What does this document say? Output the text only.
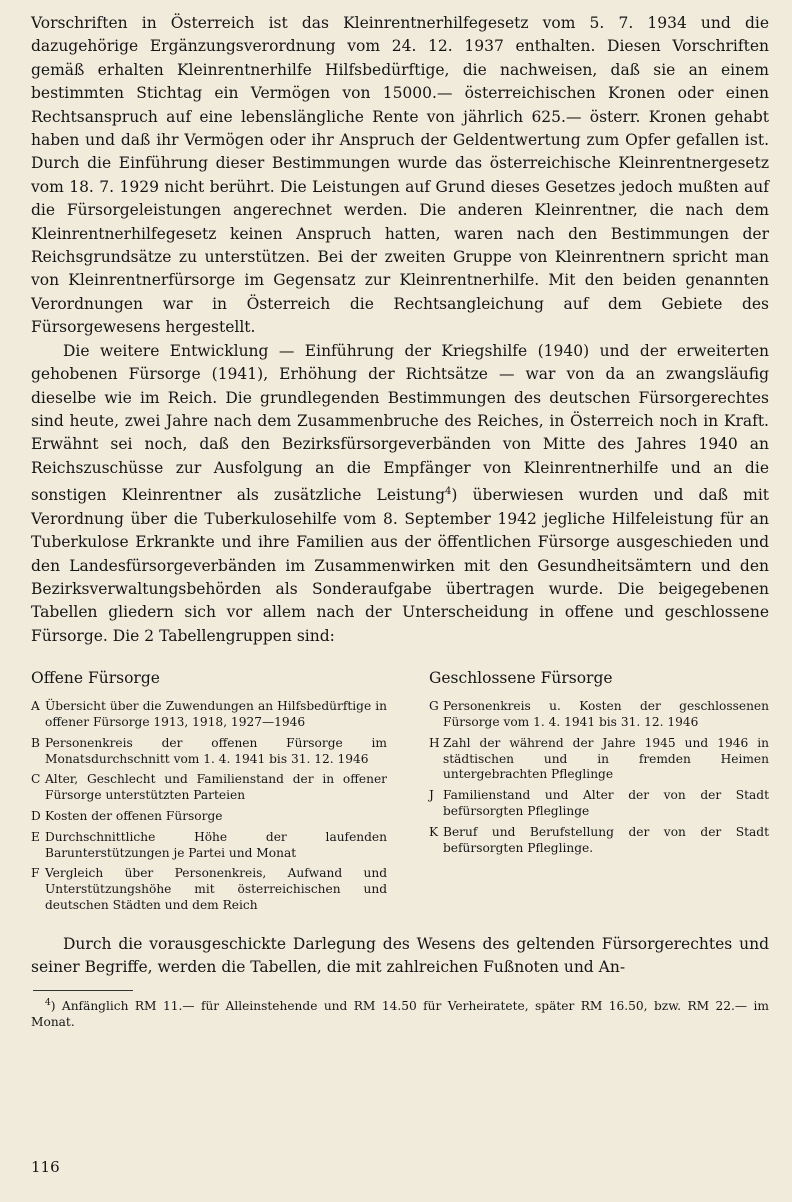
Vorschriften in Österreich ist das Kleinrentnerhilfegesetz vom 5. 7. 1934 und die dazugehörige Ergänzungsverordnung vom 24. 12. 1937 enthalten. Diesen Vorschriften gemäß erhalten Kleinrentnerhilfe Hilfsbedürftige, die nachweisen, daß sie an einem bestimmten Stichtag ein Vermögen von 15000.— österreichischen Kronen oder einen Rechtsanspruch auf eine lebenslängliche Rente von jährlich 625.— österr. Kronen gehabt haben und daß ihr Vermögen oder ihr Anspruch der Geldentwertung zum Opfer gefallen ist. Durch die Einführung dieser Bestimmungen wurde das österreichische Kleinrentnergesetz vom 18. 7. 1929 nicht berührt. Die Leistungen auf Grund dieses Gesetzes jedoch mußten auf die Fürsorgeleistungen angerechnet werden. Die anderen Kleinrentner, die nach dem Kleinrentnerhilfegesetz keinen Anspruch hatten, waren nach den Bestimmungen der Reichsgrundsätze zu unterstützen. Bei der zweiten Gruppe von Kleinrentnern spricht man von Kleinrentnerfürsorge im Gegensatz zur Kleinrentnerhilfe. Mit den beiden genannten Verordnungen war in Österreich die Rechtsangleichung auf dem Gebiete des Fürsorgewesens hergestellt.

Die weitere Entwicklung — Einführung der Kriegshilfe (1940) und der erweiterten gehobenen Fürsorge (1941), Erhöhung der Richtsätze — war von da an zwangsläufig dieselbe wie im Reich. Die grundlegenden Bestimmungen des deutschen Fürsorgerechtes sind heute, zwei Jahre nach dem Zusammenbruche des Reiches, in Österreich noch in Kraft. Erwähnt sei noch, daß den Bezirksfürsorgeverbänden von Mitte des Jahres 1940 an Reichszuschüsse zur Ausfolgung an die Empfänger von Kleinrentnerhilfe und an die sonstigen Kleinrentner als zusätzliche Leistung$^4$) überwiesen wurden und daß mit Verordnung über die Tuberkulosehilfe vom 8. September 1942 jegliche Hilfeleistung für an Tuberkulose Erkrankte und ihre Familien aus der öffentlichen Fürsorge ausgeschieden und den Landesfürsorgeverbänden im Zusammenwirken mit den Gesundheitsämtern und den Bezirksverwaltungsbehörden als Sonderaufgabe übertragen wurde. Die beigegebenen Tabellen gliedern sich vor allem nach der Unterscheidung in offene und geschlossene Fürsorge. Die 2 Tabellengruppen sind:

Offene Fürsorge
A Übersicht über die Zuwendungen an Hilfsbedürftige in offener Fürsorge 1913, 1918, 1927—1946
B Personenkreis der offenen Fürsorge im Monatsdurchschnitt vom 1. 4. 1941 bis 31. 12. 1946
C Alter, Geschlecht und Familienstand der in offener Fürsorge unterstützten Parteien
D Kosten der offenen Fürsorge
E Durchschnittliche Höhe der laufenden Barunterstützungen je Partei und Monat
F Vergleich über Personenkreis, Aufwand und Unterstützungshöhe mit österreichischen und deutschen Städten und dem Reich
Geschlossene Fürsorge
G Personenkreis u. Kosten der geschlossenen Fürsorge vom 1. 4. 1941 bis 31. 12. 1946
H Zahl der während der Jahre 1945 und 1946 in städtischen und in fremden Heimen untergebrachten Pfleglinge
J Familienstand und Alter der von der Stadt befürsorgten Pfleglinge
K Beruf und Berufstellung der von der Stadt befürsorgten Pfleglinge.
Durch die vorausgeschickte Darlegung des Wesens des geltenden Fürsorgerechtes und seiner Begriffe, werden die Tabellen, die mit zahlreichen Fußnoten und An-
$^4$) Anfänglich RM 11.— für Alleinstehende und RM 14.50 für Verheiratete, später RM 16.50, bzw. RM 22.— im Monat.
116
